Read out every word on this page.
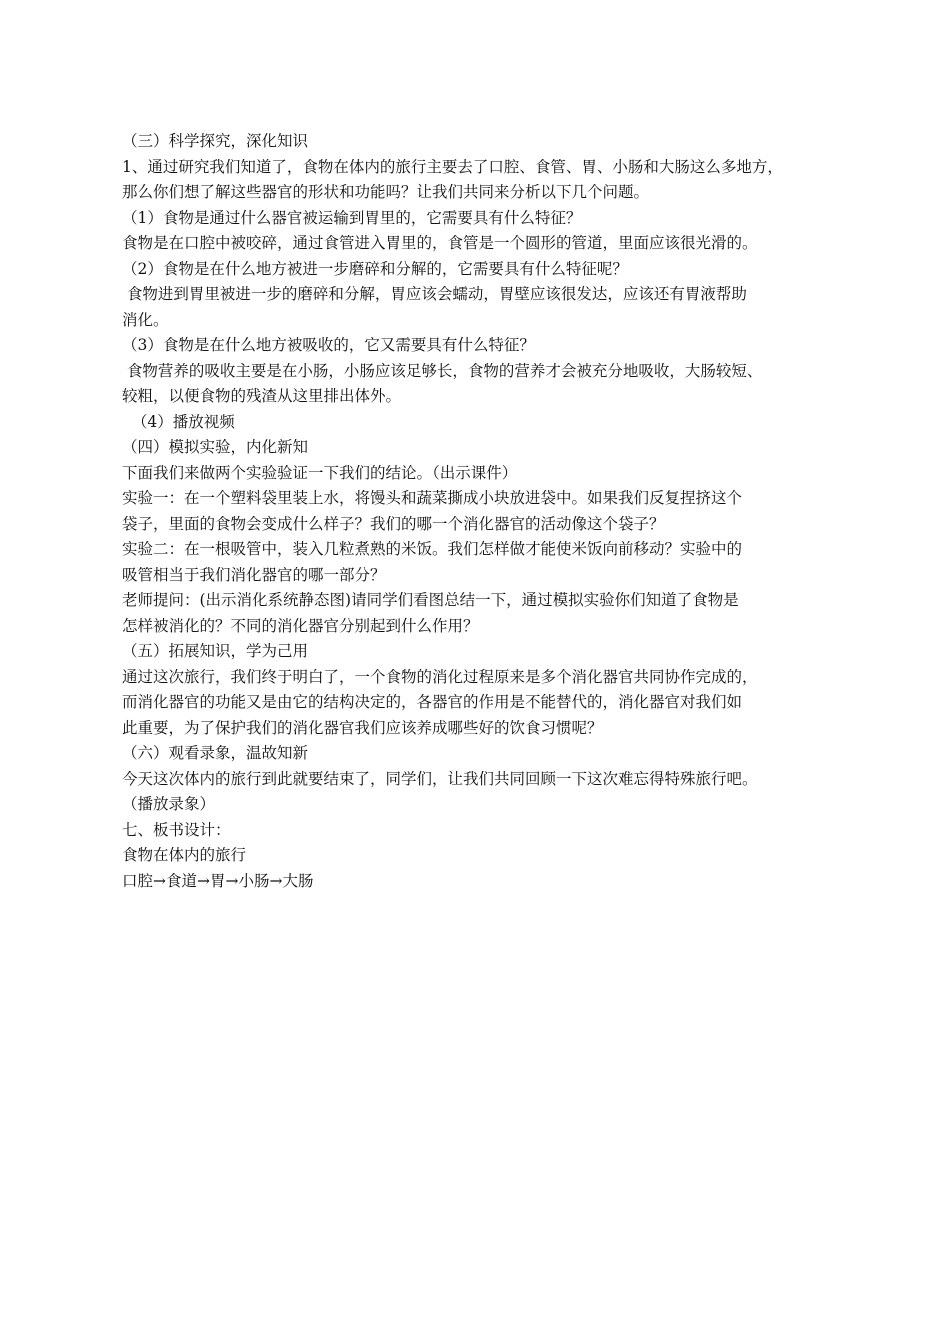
（三）科学探究，深化知识
1、通过研究我们知道了，食物在体内的旅行主要去了口腔、食管、胃、小肠和大肠这么多地方，
那么你们想了解这些器官的形状和功能吗？让我们共同来分析以下几个问题。
（1）食物是通过什么器官被运输到胃里的，它需要具有什么特征？
食物是在口腔中被咬碎，通过食管进入胃里的，食管是一个圆形的管道，里面应该很光滑的。
（2）食物是在什么地方被进一步磨碎和分解的，它需要具有什么特征呢？
食物进到胃里被进一步的磨碎和分解，胃应该会蠕动，胃壁应该很发达，应该还有胃液帮助
消化。
（3）食物是在什么地方被吸收的，它又需要具有什么特征？
食物营养的吸收主要是在小肠，小肠应该足够长，食物的营养才会被充分地吸收，大肠较短、
较粗，以便食物的残渣从这里排出体外。
（4）播放视频
（四）模拟实验，内化新知
下面我们来做两个实验验证一下我们的结论。（出示课件）
实验一：在一个塑料袋里装上水，将馒头和蔬菜撕成小块放进袋中。如果我们反复捏挤这个
袋子，里面的食物会变成什么样子？我们的哪一个消化器官的活动像这个袋子？
实验二：在一根吸管中，装入几粒煮熟的米饭。我们怎样做才能使米饭向前移动？实验中的
吸管相当于我们消化器官的哪一部分？
老师提问：(出示消化系统静态图)请同学们看图总结一下，通过模拟实验你们知道了食物是
怎样被消化的？不同的消化器官分别起到什么作用？
（五）拓展知识，学为己用
通过这次旅行，我们终于明白了，一个食物的消化过程原来是多个消化器官共同协作完成的，
而消化器官的功能又是由它的结构决定的，各器官的作用是不能替代的，消化器官对我们如
此重要，为了保护我们的消化器官我们应该养成哪些好的饮食习惯呢？
（六）观看录象，温故知新
今天这次体内的旅行到此就要结束了，同学们，让我们共同回顾一下这次难忘得特殊旅行吧。
（播放录象）
七、板书设计：
食物在体内的旅行
口腔→食道→胃→小肠→大肠
